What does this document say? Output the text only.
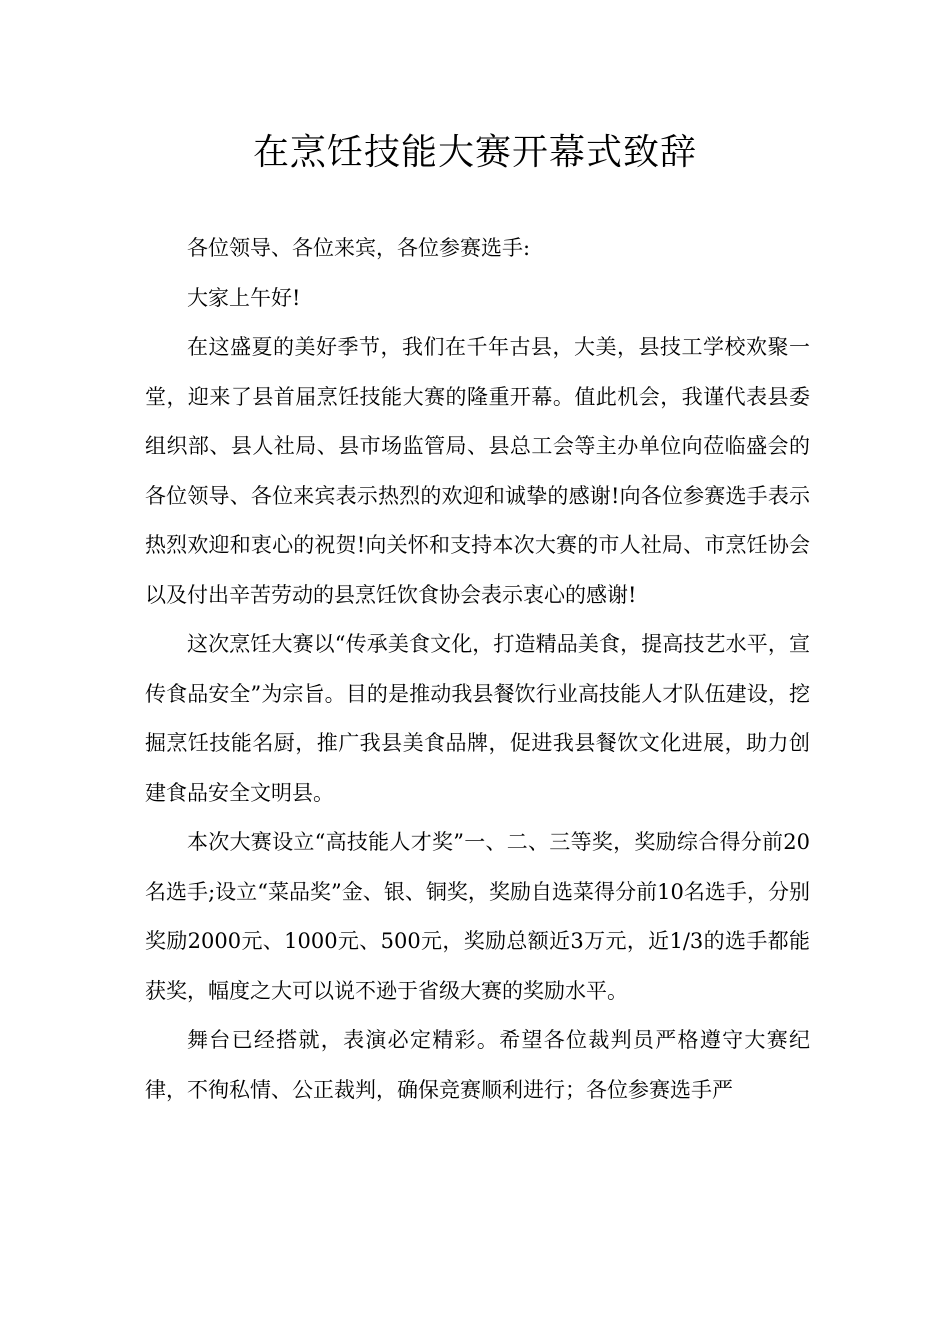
在烹饪技能大赛开幕式致辞

各位领导、各位来宾，各位参赛选手:

大家上午好!

在这盛夏的美好季节，我们在千年古县，大美，县技工学校欢聚一堂，迎来了县首届烹饪技能大赛的隆重开幕。值此机会，我谨代表县委组织部、县人社局、县市场监管局、县总工会等主办单位向莅临盛会的各位领导、各位来宾表示热烈的欢迎和诚挚的感谢!向各位参赛选手表示热烈欢迎和衷心的祝贺!向关怀和支持本次大赛的市人社局、市烹饪协会以及付出辛苦劳动的县烹饪饮食协会表示衷心的感谢!

这次烹饪大赛以“传承美食文化，打造精品美食，提高技艺水平，宣传食品安全”为宗旨。目的是推动我县餐饮行业高技能人才队伍建设，挖掘烹饪技能名厨，推广我县美食品牌，促进我县餐饮文化进展，助力创建食品安全文明县。

本次大赛设立“高技能人才奖”一、二、三等奖，奖励综合得分前20名选手;设立“菜品奖”金、银、铜奖，奖励自选菜得分前10名选手，分别奖励2000元、1000元、500元，奖励总额近3万元，近1/3的选手都能获奖，幅度之大可以说不逊于省级大赛的奖励水平。

舞台已经搭就，表演必定精彩。希望各位裁判员严格遵守大赛纪律，不徇私情、公正裁判，确保竞赛顺利进行；各位参赛选手严
